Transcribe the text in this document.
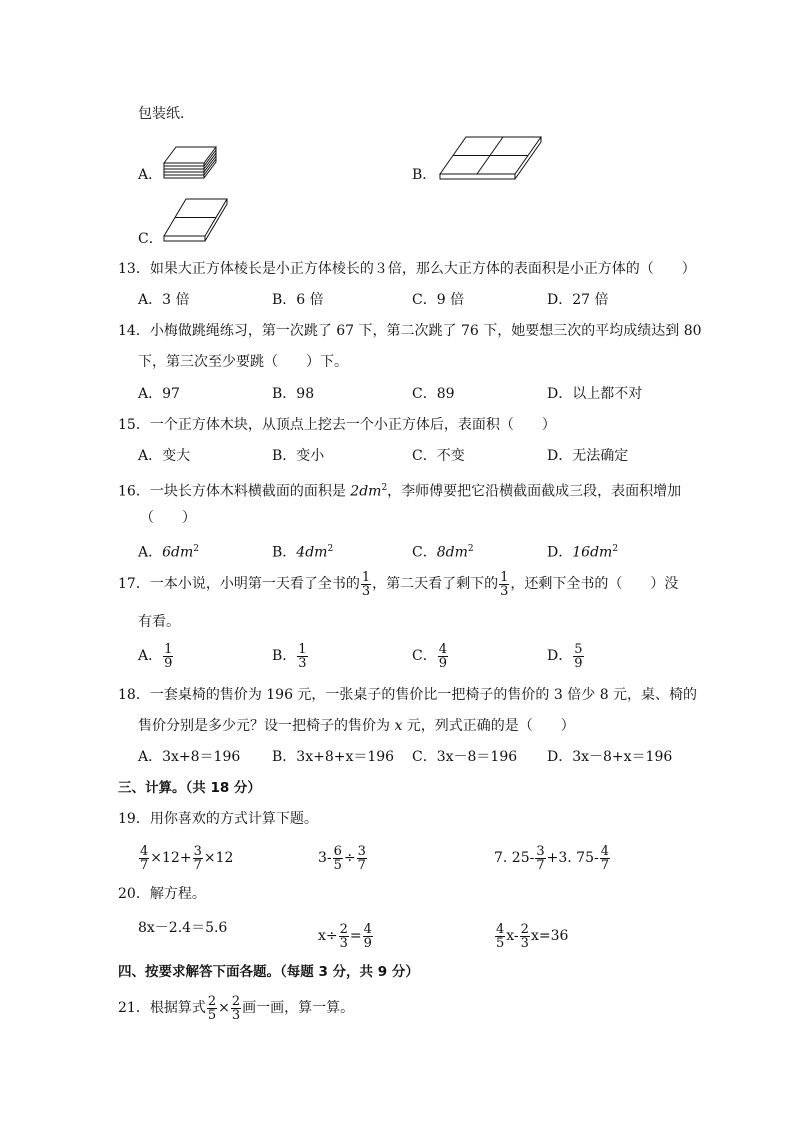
包装纸．
A．	B．
C．
13．如果大正方体棱长是小正方体棱长的３倍，那么大正方体的表面积是小正方体的（　　）
A．3 倍	B．6 倍	C．9 倍	D．27 倍
14．小梅做跳绳练习，第一次跳了 67 下，第二次跳了 76 下，她要想三次的平均成绩达到 80
下，第三次至少要跳（　　）下。
A．97	B．98	C．89	D．以上都不对
15．一个正方体木块，从顶点上挖去一个小正方体后，表面积（　　）
A．变大	B．变小	C．不变	D．无法确定
16．一块长方体木料横截面的面积是 $2dm^2$，李师傅要把它沿横截面截成三段，表面积增加
（　　）
A．$6dm^2$	B．$4dm^2$	C．$8dm^2$	D．$16dm^2$
17．一本小说，小明第一天看了全书的 $\frac{1}{3}$ ，第二天看了剩下的 $\frac{1}{3}$ ，还剩下全书的（　　）没
有看。
A． $\frac{1}{9}$	B． $\frac{1}{3}$	C． $\frac{4}{9}$	D． $\frac{5}{9}$
18．一套桌椅的售价为 196 元，一张桌子的售价比一把椅子的售价的 3 倍少 8 元，桌、椅的
售价分别是多少元？设一把椅子的售价为 x 元，列式正确的是（　　）
A．3x+8＝196 B．3x+8+x＝196 C．3x－8＝196 D．3x－8+x＝196
三、计算。（共 18 分）
19．用你喜欢的方式计算下题。
$\frac{4}{7} \times 12+ \frac{3}{7} \times 12$	$3- \frac{6}{5} \div \frac{3}{7}$	7. $25- \frac{3}{7} +3$. $75- \frac{4}{7}$
20．解方程。
8x－2.4＝5.6	$x\div \frac{2}{3} = \frac{4}{9}$	$\frac{4}{5} x- \frac{2}{3} x=36$
四、按要求解答下面各题。（每题 3 分，共 9 分）
21．根据算式 $\frac{2}{5} \times \frac{2}{3}$ 画一画，算一算。
